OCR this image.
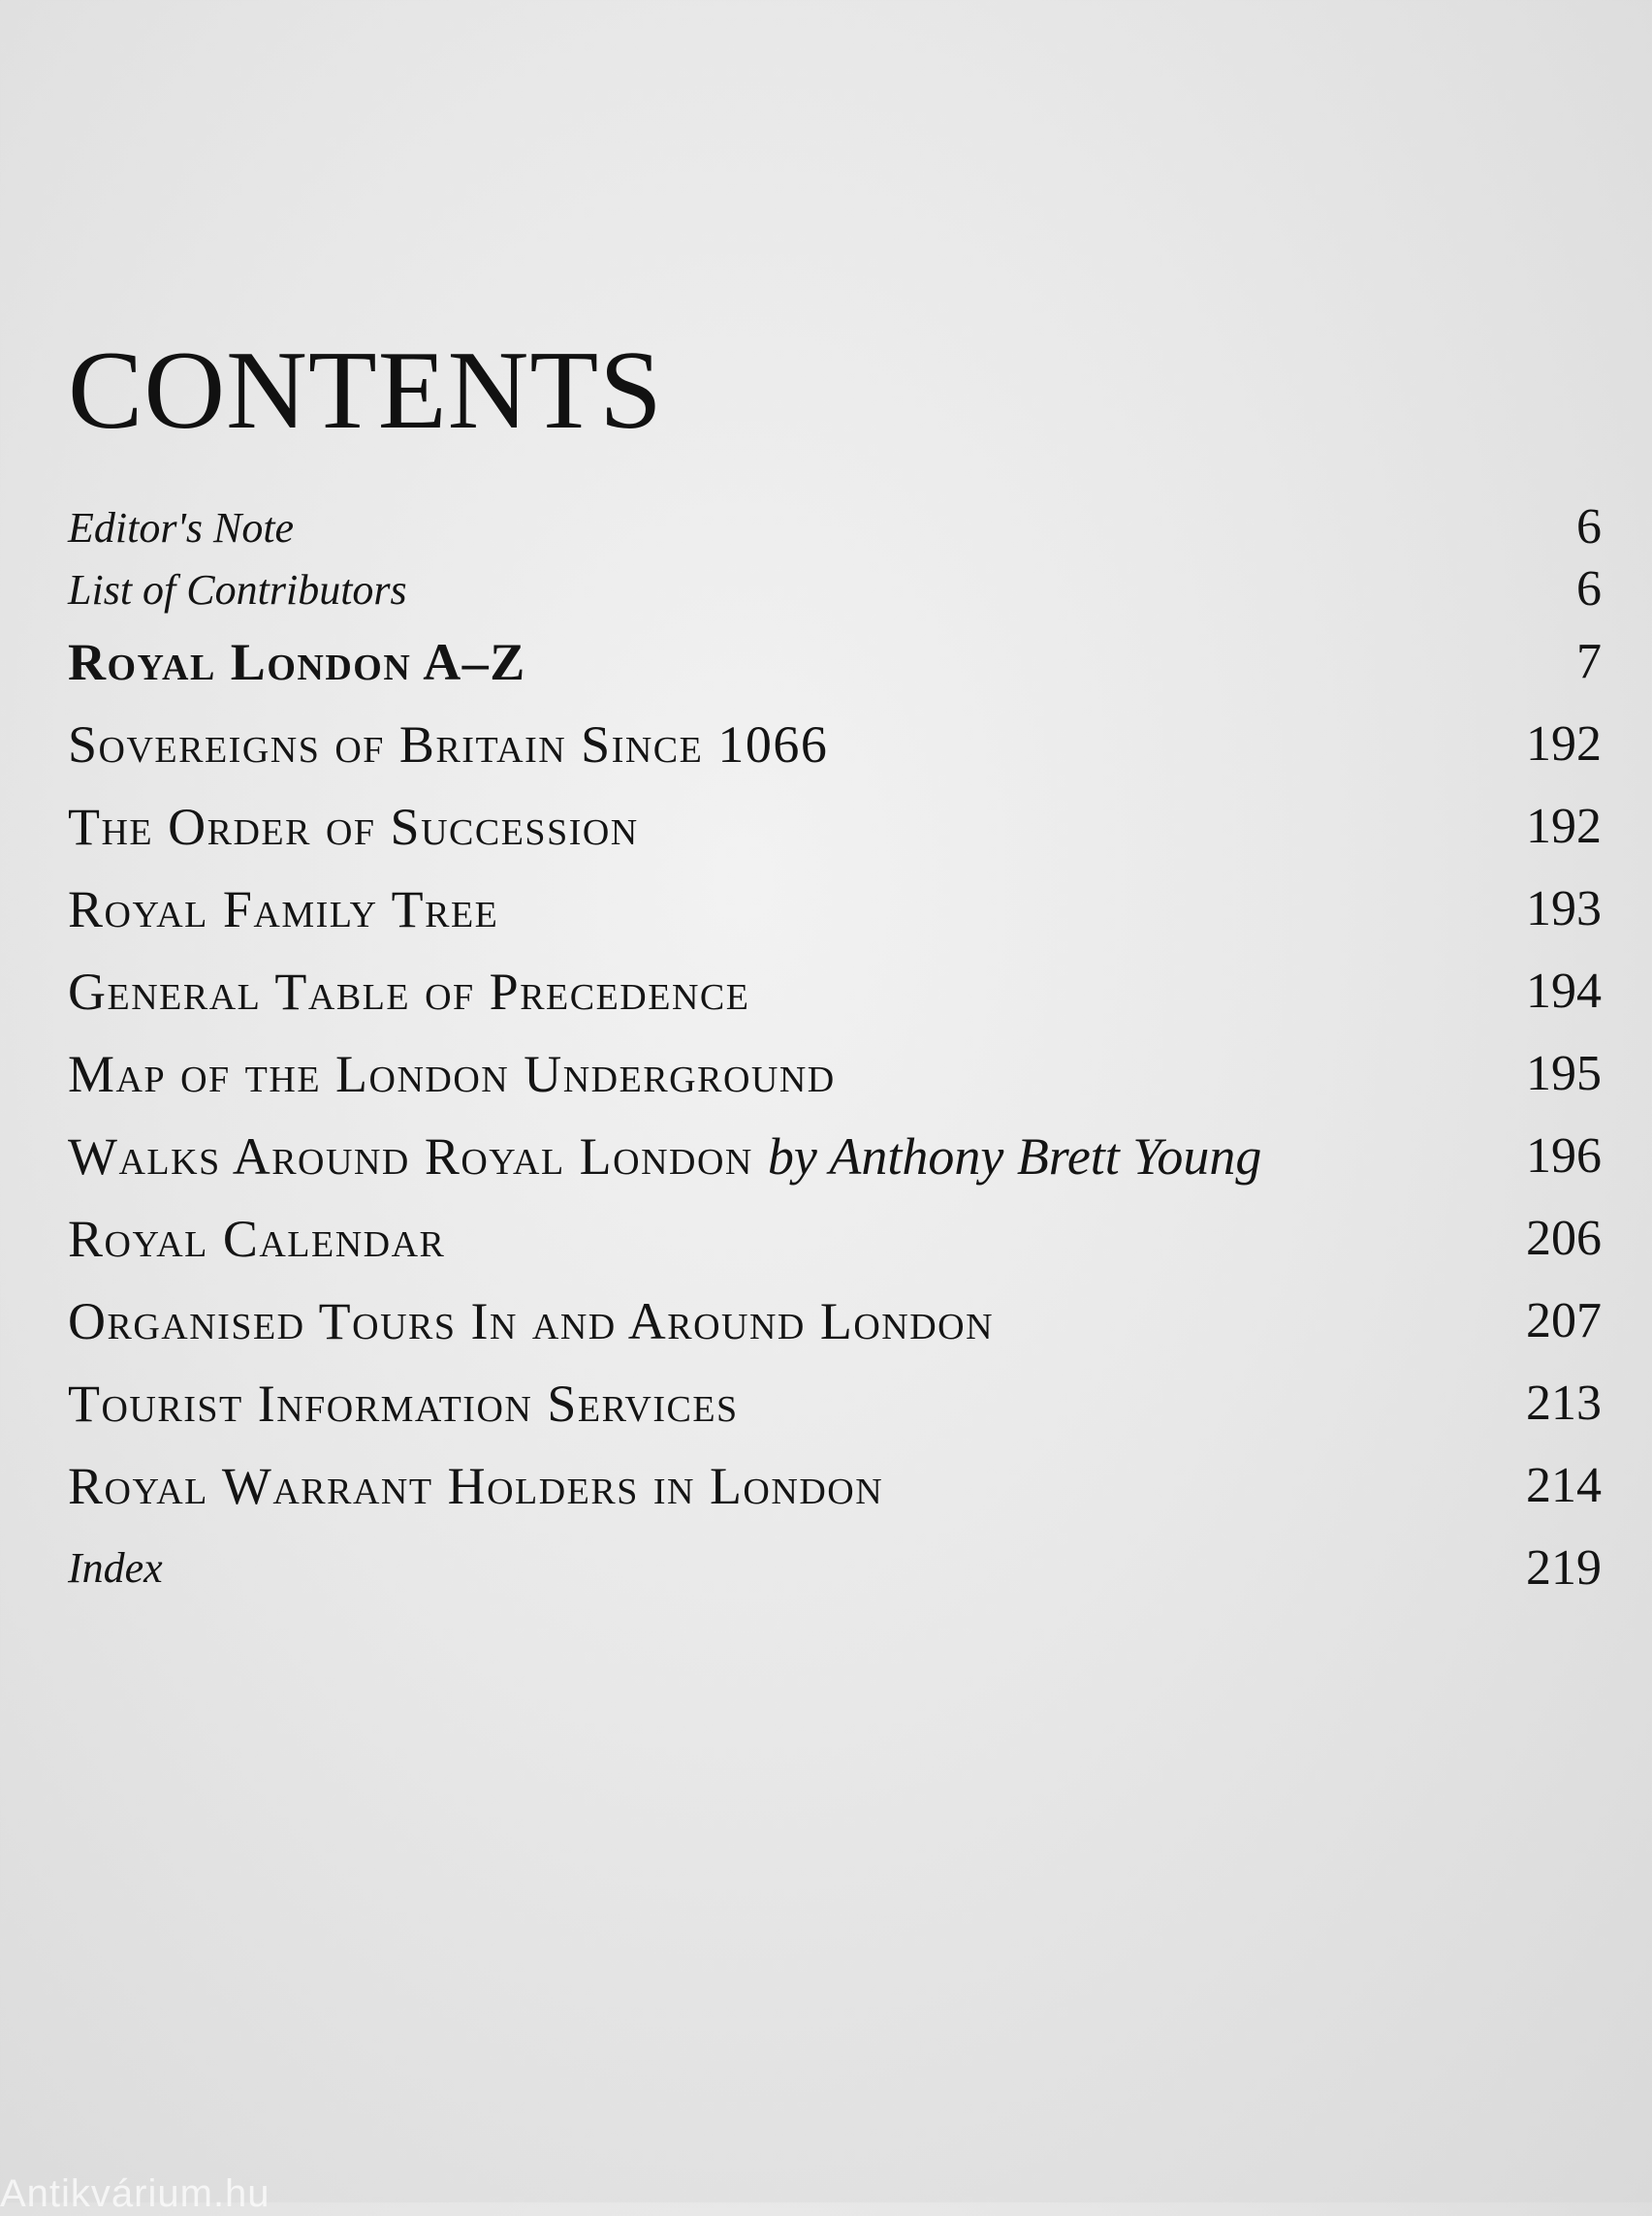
CONTENTS
Editor's Note	6
List of Contributors	6
Royal London A–Z	7
Sovereigns of Britain Since 1066	192
The Order of Succession	192
Royal Family Tree	193
General Table of Precedence	194
Map of the London Underground	195
Walks Around Royal London by Anthony Brett Young	196
Royal Calendar	206
Organised Tours In and Around London	207
Tourist Information Services	213
Royal Warrant Holders in London	214
Index	219
Antikvárium.hu
